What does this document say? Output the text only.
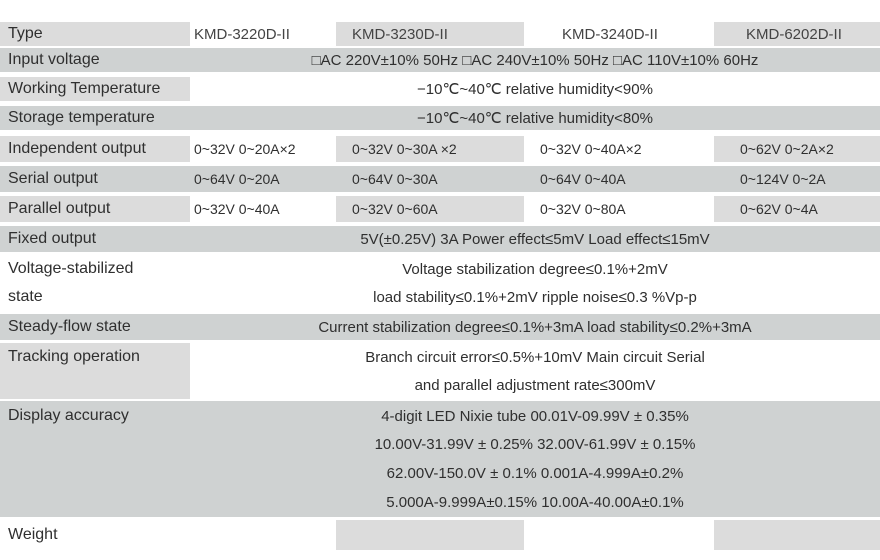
Type	KMD-3220D-II	KMD-3230D-II	KMD-3240D-II	KMD-6202D-II
Input voltage	□AC 220V±10% 50Hz □AC 240V±10% 50Hz □AC 110V±10% 60Hz
Working Temperature	−10℃~40℃ relative humidity<90%
Storage temperature	−10℃~40℃ relative humidity<80%
Independent output	0~32V 0~20A×2	0~32V 0~30A ×2	0~32V 0~40A×2	0~62V 0~2A×2
Serial output	0~64V 0~20A	0~64V 0~30A	0~64V 0~40A	0~124V 0~2A
Parallel output	0~32V 0~40A	0~32V 0~60A	0~32V 0~80A	0~62V 0~4A
Fixed output	5V(±0.25V) 3A Power effect≤5mV Load effect≤15mV
Voltage-stabilized	Voltage stabilization degree≤0.1%+2mV
state	load stability≤0.1%+2mV ripple noise≤0.3 %Vp-p
Steady-flow state	Current stabilization degree≤0.1%+3mA load stability≤0.2%+3mA
Tracking operation	Branch circuit error≤0.5%+10mV Main circuit Serial
and parallel adjustment rate≤300mV
Display accuracy	4-digit LED Nixie tube 00.01V-09.99V ± 0.35%
10.00V-31.99V ± 0.25% 32.00V-61.99V ± 0.15%
62.00V-150.0V ± 0.1% 0.001A-4.999A±0.2%
5.000A-9.999A±0.15% 10.00A-40.00A±0.1%
Weight
